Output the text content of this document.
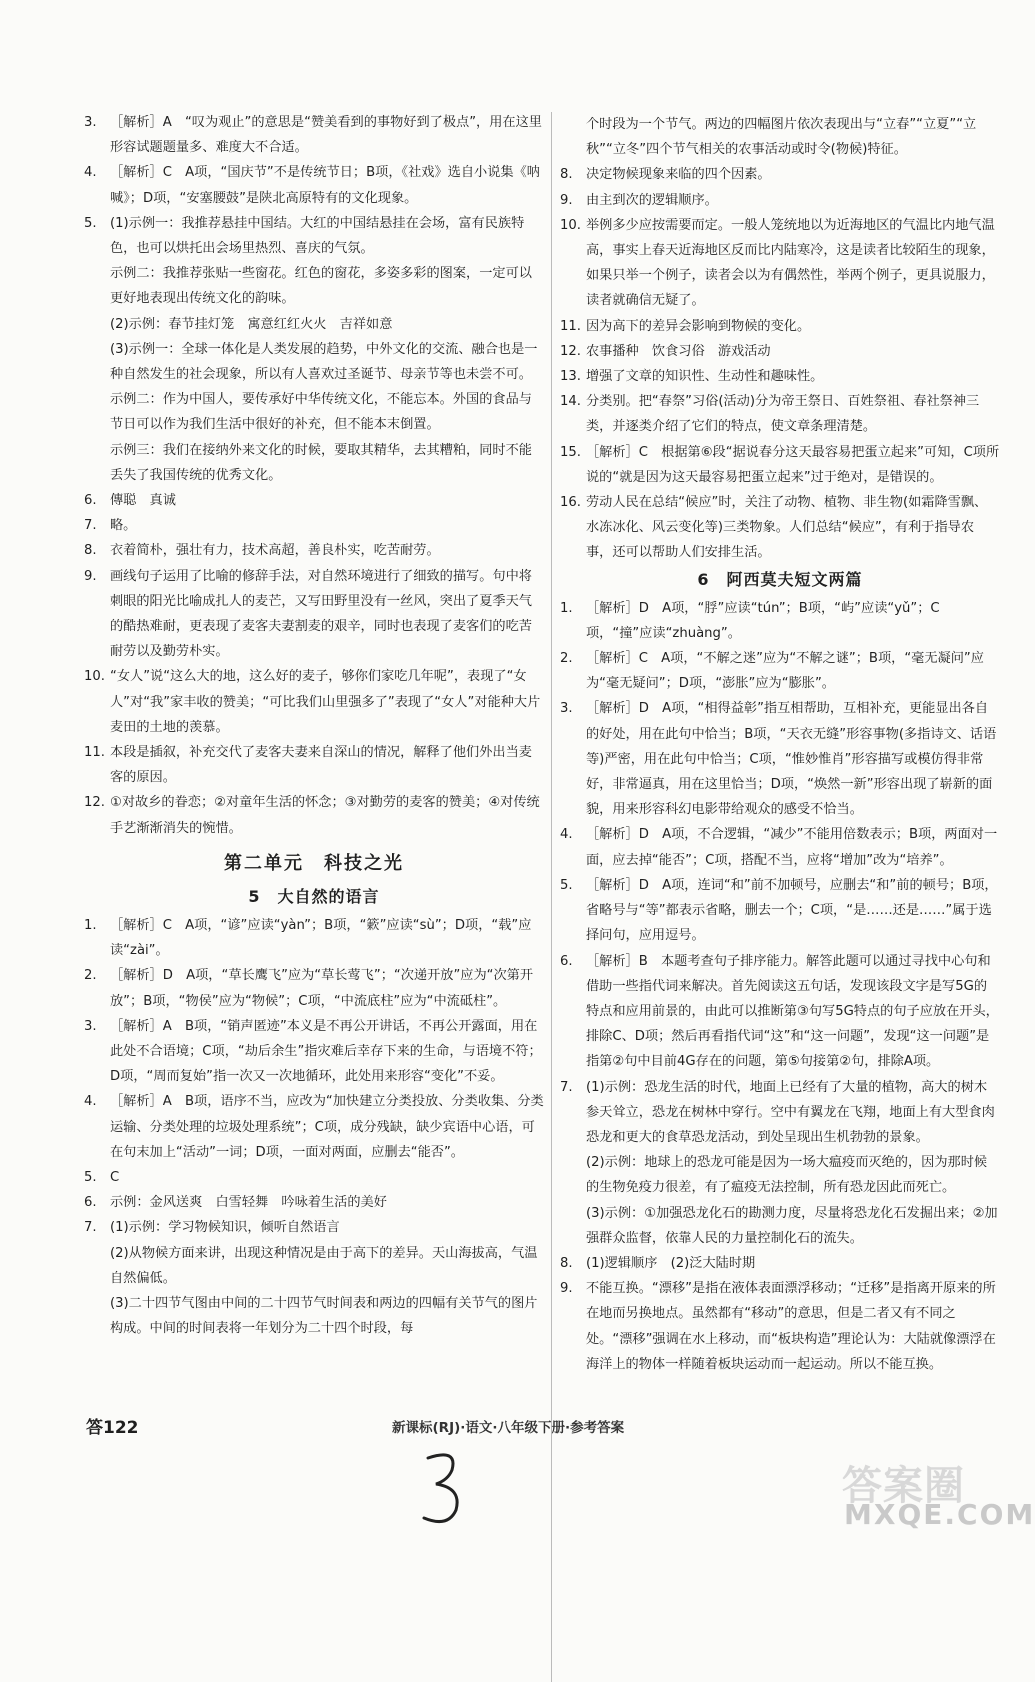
3. ［解析］A　“叹为观止”的意思是“赞美看到的事物好到了极点”，用在这里形容试题题量多、难度大不合适。

4. ［解析］C　A项，“国庆节”不是传统节日；B项，《社戏》选自小说集《呐喊》；D项，“安塞腰鼓”是陕北高原特有的文化现象。

5. (1)示例一：我推荐悬挂中国结。大红的中国结悬挂在会场，富有民族特色，也可以烘托出会场里热烈、喜庆的气氛。

示例二：我推荐张贴一些窗花。红色的窗花，多姿多彩的图案，一定可以更好地表现出传统文化的韵味。

(2)示例：春节挂灯笼　寓意红红火火　吉祥如意

(3)示例一：全球一体化是人类发展的趋势，中外文化的交流、融合也是一种自然发生的社会现象，所以有人喜欢过圣诞节、母亲节等也未尝不可。

示例二：作为中国人，要传承好中华传统文化，不能忘本。外国的食品与节日可以作为我们生活中很好的补充，但不能本末倒置。

示例三：我们在接纳外来文化的时候，要取其精华，去其糟粕，同时不能丢失了我国传统的优秀文化。

6. 傳聪　真诚

7. 略。

8. 衣着简朴，强壮有力，技术高超，善良朴实，吃苦耐劳。

9. 画线句子运用了比喻的修辞手法，对自然环境进行了细致的描写。句中将刺眼的阳光比喻成扎人的麦芒，又写田野里没有一丝风，突出了夏季天气的酷热难耐，更表现了麦客夫妻割麦的艰辛，同时也表现了麦客们的吃苦耐劳以及勤劳朴实。

10. “女人”说“这么大的地，这么好的麦子，够你们家吃几年呢”，表现了“女人”对“我”家丰收的赞美；“可比我们山里强多了”表现了“女人”对能种大片麦田的土地的羡慕。

11. 本段是插叙，补充交代了麦客夫妻来自深山的情况，解释了他们外出当麦客的原因。

12. ①对故乡的眷恋；②对童年生活的怀念；③对勤劳的麦客的赞美；④对传统手艺渐渐消失的惋惜。

第二单元　科技之光
5　大自然的语言

1. ［解析］C　A项，“谚”应读“yàn”；B项，“簌”应读“sù”；D项，“载”应读“zài”。

2. ［解析］D　A项，“草长鹰飞”应为“草长莺飞”；“次递开放”应为“次第开放”；B项，“物侯”应为“物候”；C项，“中流底柱”应为“中流砥柱”。

3. ［解析］A　B项，“销声匿迹”本义是不再公开讲话，不再公开露面，用在此处不合语境；C项，“劫后余生”指灾难后幸存下来的生命，与语境不符；D项，“周而复始”指一次又一次地循环，此处用来形容“变化”不妥。

4. ［解析］A　B项，语序不当，应改为“加快建立分类投放、分类收集、分类运输、分类处理的垃圾处理系统”；C项，成分残缺，缺少宾语中心语，可在句末加上“活动”一词；D项，一面对两面，应删去“能否”。

5. C

6. 示例：金风送爽　白雪轻舞　吟咏着生活的美好

7. (1)示例：学习物候知识，倾听自然语言

(2)从物候方面来讲，出现这种情况是由于高下的差异。天山海拔高，气温自然偏低。

(3)二十四节气图由中间的二十四节气时间表和两边的四幅有关节气的图片构成。中间的时间表将一年划分为二十四个时段，每

个时段为一个节气。两边的四幅图片依次表现出与“立春”“立夏”“立秋”“立冬”四个节气相关的农事活动或时令(物候)特征。

8. 决定物候现象来临的四个因素。

9. 由主到次的逻辑顺序。

10. 举例多少应按需要而定。一般人笼统地以为近海地区的气温比内地气温高，事实上春天近海地区反而比内陆寒冷，这是读者比较陌生的现象，如果只举一个例子，读者会以为有偶然性，举两个例子，更具说服力，读者就确信无疑了。

11. 因为高下的差异会影响到物候的变化。

12. 农事播种　饮食习俗　游戏活动

13. 增强了文章的知识性、生动性和趣味性。

14. 分类别。把“春祭”习俗(活动)分为帝王祭日、百姓祭祖、春社祭神三类，并逐类介绍了它们的特点，使文章条理清楚。

15. ［解析］C　根据第⑥段“据说春分这天最容易把蛋立起来”可知，C项所说的“就是因为这天最容易把蛋立起来”过于绝对，是错误的。

16. 劳动人民在总结“候应”时，关注了动物、植物、非生物(如霜降雪飘、水冻冰化、风云变化等)三类物象。人们总结“候应”，有利于指导农事，还可以帮助人们安排生活。

6　阿西莫夫短文两篇

1. ［解析］D　A项，“脬”应读“tún”；B项，“屿”应读“yǔ”；C项，“撞”应读“zhuàng”。

2. ［解析］C　A项，“不解之迷”应为“不解之谜”；B项，“毫无凝问”应为“毫无疑问”；D项，“澎胀”应为“膨胀”。

3. ［解析］D　A项，“相得益彰”指互相帮助，互相补充，更能显出各自的好处，用在此句中恰当；B项，“天衣无缝”形容事物(多指诗文、话语等)严密，用在此句中恰当；C项，“惟妙惟肖”形容描写或模仿得非常好，非常逼真，用在这里恰当；D项，“焕然一新”形容出现了崭新的面貌，用来形容科幻电影带给观众的感受不恰当。

4. ［解析］D　A项，不合逻辑，“减少”不能用倍数表示；B项，两面对一面，应去掉“能否”；C项，搭配不当，应将“增加”改为“培养”。

5. ［解析］D　A项，连词“和”前不加顿号，应删去“和”前的顿号；B项，省略号与“等”都表示省略，删去一个；C项，“是……还是……”属于选择问句，应用逗号。

6. ［解析］B　本题考查句子排序能力。解答此题可以通过寻找中心句和借助一些指代词来解决。首先阅读这五句话，发现该段文字是写5G的特点和应用前景的，由此可以推断第③句写5G特点的句子应放在开头，排除C、D项；然后再看指代词“这”和“这一问题”，发现“这一问题”是指第②句中目前4G存在的问题，第⑤句接第②句，排除A项。

7. (1)示例：恐龙生活的时代，地面上已经有了大量的植物，高大的树木参天耸立，恐龙在树林中穿行。空中有翼龙在飞翔，地面上有大型食肉恐龙和更大的食草恐龙活动，到处呈现出生机勃勃的景象。

(2)示例：地球上的恐龙可能是因为一场大瘟疫而灭绝的，因为那时候的生物免疫力很差，有了瘟疫无法控制，所有恐龙因此而死亡。

(3)示例：①加强恐龙化石的勘测力度，尽量将恐龙化石发掘出来；②加强群众监督，依靠人民的力量控制化石的流失。

8. (1)逻辑顺序　(2)泛大陆时期

9. 不能互换。“漂移”是指在液体表面漂浮移动；“迁移”是指离开原来的所在地而另换地点。虽然都有“移动”的意思，但是二者又有不同之处。“漂移”强调在水上移动，而“板块构造”理论认为：大陆就像漂浮在海洋上的物体一样随着板块运动而一起运动。所以不能互换。

答122	新课标(RJ)·语文·八年级下册·参考答案
答案圈
MXQE.COM
